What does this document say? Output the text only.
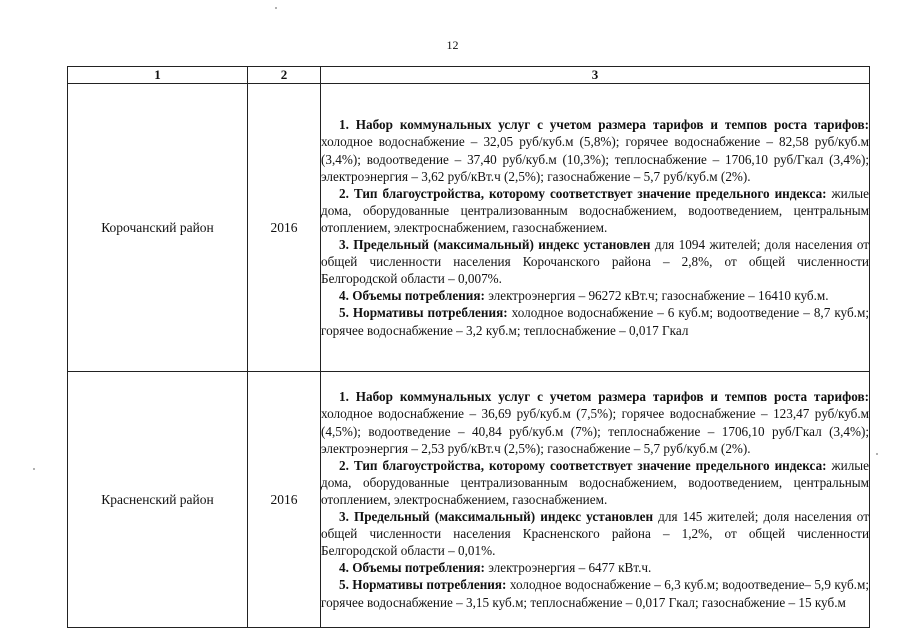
12
1	2	3
Корочанский район	2016	1. Набор коммунальных услуг с учетом размера тарифов и темпов роста тарифов: холодное водоснабжение – 32,05 руб/куб.м (5,8%); горячее водоснабжение – 82,58 руб/куб.м (3,4%); водоотведение – 37,40 руб/куб.м (10,3%); теплоснабжение – 1706,10 руб/Гкал (3,4%); электроэнергия – 3,62 руб/кВт.ч (2,5%); газоснабжение – 5,7 руб/куб.м (2%).

2. Тип благоустройства, которому соответствует значение предельного индекса: жилые дома, оборудованные централизованным водоснабжением, водоотведением, центральным отоплением, электроснабжением, газоснабжением.

3. Предельный (максимальный) индекс установлен для 1094 жителей; доля населения от общей численности населения Корочанского района – 2,8%, от общей численности Белгородской области – 0,007%.

4. Объемы потребления: электроэнергия – 96272 кВт.ч; газоснабжение – 16410 куб.м.

5. Нормативы потребления: холодное водоснабжение – 6 куб.м; водоотведение – 8,7 куб.м; горячее водоснабжение – 3,2 куб.м; теплоснабжение – 0,017 Гкал

Красненский район	2016	1. Набор коммунальных услуг с учетом размера тарифов и темпов роста тарифов: холодное водоснабжение – 36,69 руб/куб.м (7,5%); горячее водоснабжение – 123,47 руб/куб.м (4,5%); водоотведение – 40,84 руб/куб.м (7%); теплоснабжение – 1706,10 руб/Гкал (3,4%); электроэнергия – 2,53 руб/кВт.ч (2,5%); газоснабжение – 5,7 руб/куб.м (2%).

2. Тип благоустройства, которому соответствует значение предельного индекса: жилые дома, оборудованные централизованным водоснабжением, водоотведением, центральным отоплением, электроснабжением, газоснабжением.

3. Предельный (максимальный) индекс установлен для 145 жителей; доля населения от общей численности населения Красненского района – 1,2%, от общей численности Белгородской области – 0,01%.

4. Объемы потребления: электроэнергия – 6477 кВт.ч.

5. Нормативы потребления: холодное водоснабжение – 6,3 куб.м; водоотведение– 5,9 куб.м; горячее водоснабжение – 3,15 куб.м; теплоснабжение – 0,017 Гкал; газоснабжение – 15 куб.м
